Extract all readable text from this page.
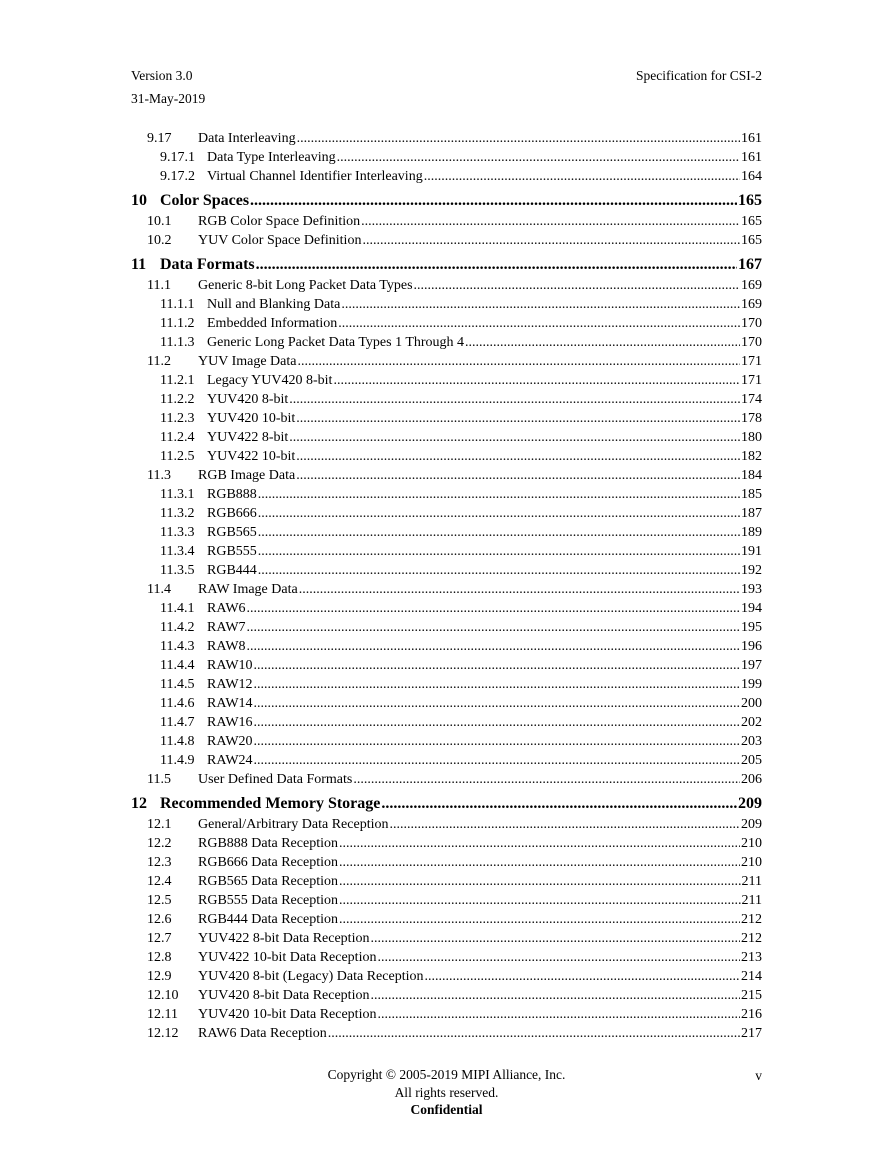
Version 3.0
31-May-2019
Specification for CSI-2
9.17	Data Interleaving .....	161
9.17.1 Data Type Interleaving .....	161
9.17.2 Virtual Channel Identifier Interleaving .....	164
10 Color Spaces .....	165
10.1	RGB Color Space Definition .....	165
10.2	YUV Color Space Definition .....	165
11 Data Formats .....	167
11.1	Generic 8-bit Long Packet Data Types .....	169
11.1.1 Null and Blanking Data .....	169
11.1.2 Embedded Information .....	170
11.1.3 Generic Long Packet Data Types 1 Through 4 .....	170
11.2	YUV Image Data .....	171
11.2.1 Legacy YUV420 8-bit .....	171
11.2.2 YUV420 8-bit .....	174
11.2.3 YUV420 10-bit .....	178
11.2.4 YUV422 8-bit .....	180
11.2.5 YUV422 10-bit .....	182
11.3	RGB Image Data .....	184
11.3.1 RGB888 .....	185
11.3.2 RGB666 .....	187
11.3.3 RGB565 .....	189
11.3.4 RGB555 .....	191
11.3.5 RGB444 .....	192
11.4	RAW Image Data .....	193
11.4.1 RAW6 .....	194
11.4.2 RAW7 .....	195
11.4.3 RAW8 .....	196
11.4.4 RAW10 .....	197
11.4.5 RAW12 .....	199
11.4.6 RAW14 .....	200
11.4.7 RAW16 .....	202
11.4.8 RAW20 .....	203
11.4.9 RAW24 .....	205
11.5	User Defined Data Formats .....	206
12 Recommended Memory Storage .....	209
12.1	General/Arbitrary Data Reception .....	209
12.2	RGB888 Data Reception .....	210
12.3	RGB666 Data Reception .....	210
12.4	RGB565 Data Reception .....	211
12.5	RGB555 Data Reception .....	211
12.6	RGB444 Data Reception .....	212
12.7	YUV422 8-bit Data Reception .....	212
12.8	YUV422 10-bit Data Reception .....	213
12.9	YUV420 8-bit (Legacy) Data Reception .....	214
12.10	YUV420 8-bit Data Reception .....	215
12.11	YUV420 10-bit Data Reception .....	216
12.12	RAW6 Data Reception .....	217
Copyright © 2005-2019 MIPI Alliance, Inc.
All rights reserved.
Confidential
v
